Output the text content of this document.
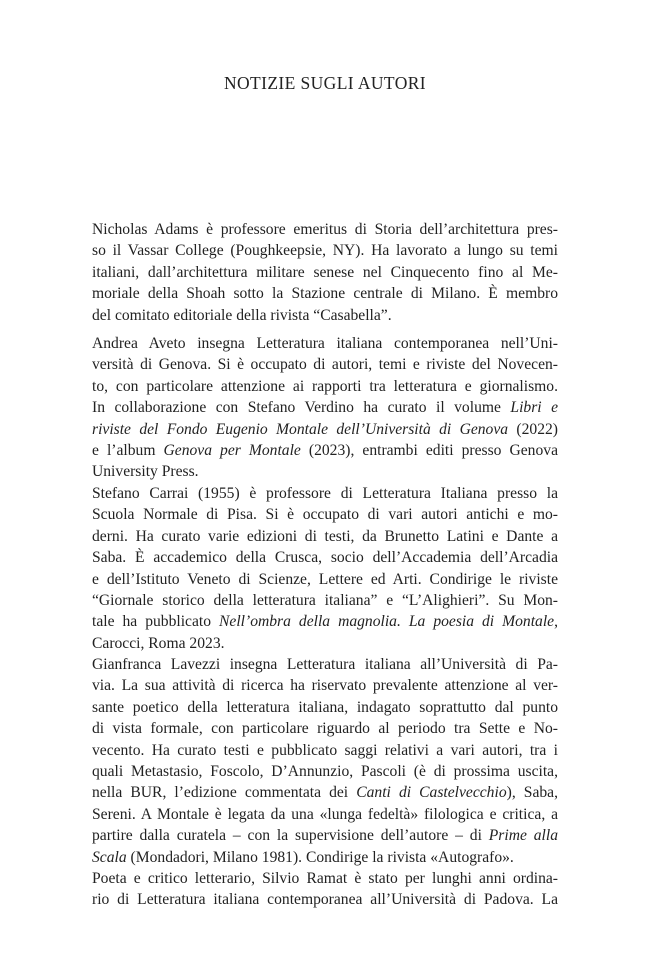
NOTIZIE SUGLI AUTORI
Nicholas Adams è professore emeritus di Storia dell’architettura pres-
so il Vassar College (Poughkeepsie, NY). Ha lavorato a lungo su temi
italiani, dall’architettura militare senese nel Cinquecento fino al Me-
moriale della Shoah sotto la Stazione centrale di Milano. È membro
del comitato editoriale della rivista “Casabella”.
Andrea Aveto insegna Letteratura italiana contemporanea nell’Uni-
versità di Genova. Si è occupato di autori, temi e riviste del Novecen-
to, con particolare attenzione ai rapporti tra letteratura e giornalismo.
In collaborazione con Stefano Verdino ha curato il volume Libri e
riviste del Fondo Eugenio Montale dell’Università di Genova (2022)
e l’album Genova per Montale (2023), entrambi editi presso Genova
University Press.
Stefano Carrai (1955) è professore di Letteratura Italiana presso la
Scuola Normale di Pisa. Si è occupato di vari autori antichi e mo-
derni. Ha curato varie edizioni di testi, da Brunetto Latini e Dante a
Saba. È accademico della Crusca, socio dell’Accademia dell’Arcadia
e dell’Istituto Veneto di Scienze, Lettere ed Arti. Condirige le riviste
“Giornale storico della letteratura italiana” e “L’Alighieri”. Su Mon-
tale ha pubblicato Nell’ombra della magnolia. La poesia di Montale,
Carocci, Roma 2023.
Gianfranca Lavezzi insegna Letteratura italiana all’Università di Pa-
via. La sua attività di ricerca ha riservato prevalente attenzione al ver-
sante poetico della letteratura italiana, indagato soprattutto dal punto
di vista formale, con particolare riguardo al periodo tra Sette e No-
vecento. Ha curato testi e pubblicato saggi relativi a vari autori, tra i
quali Metastasio, Foscolo, D’Annunzio, Pascoli (è di prossima uscita,
nella BUR, l’edizione commentata dei Canti di Castelvecchio), Saba,
Sereni. A Montale è legata da una «lunga fedeltà» filologica e critica, a
partire dalla curatela – con la supervisione dell’autore – di Prime alla
Scala (Mondadori, Milano 1981). Condirige la rivista «Autografo».
Poeta e critico letterario, Silvio Ramat è stato per lunghi anni ordina-
rio di Letteratura italiana contemporanea all’Università di Padova. La
